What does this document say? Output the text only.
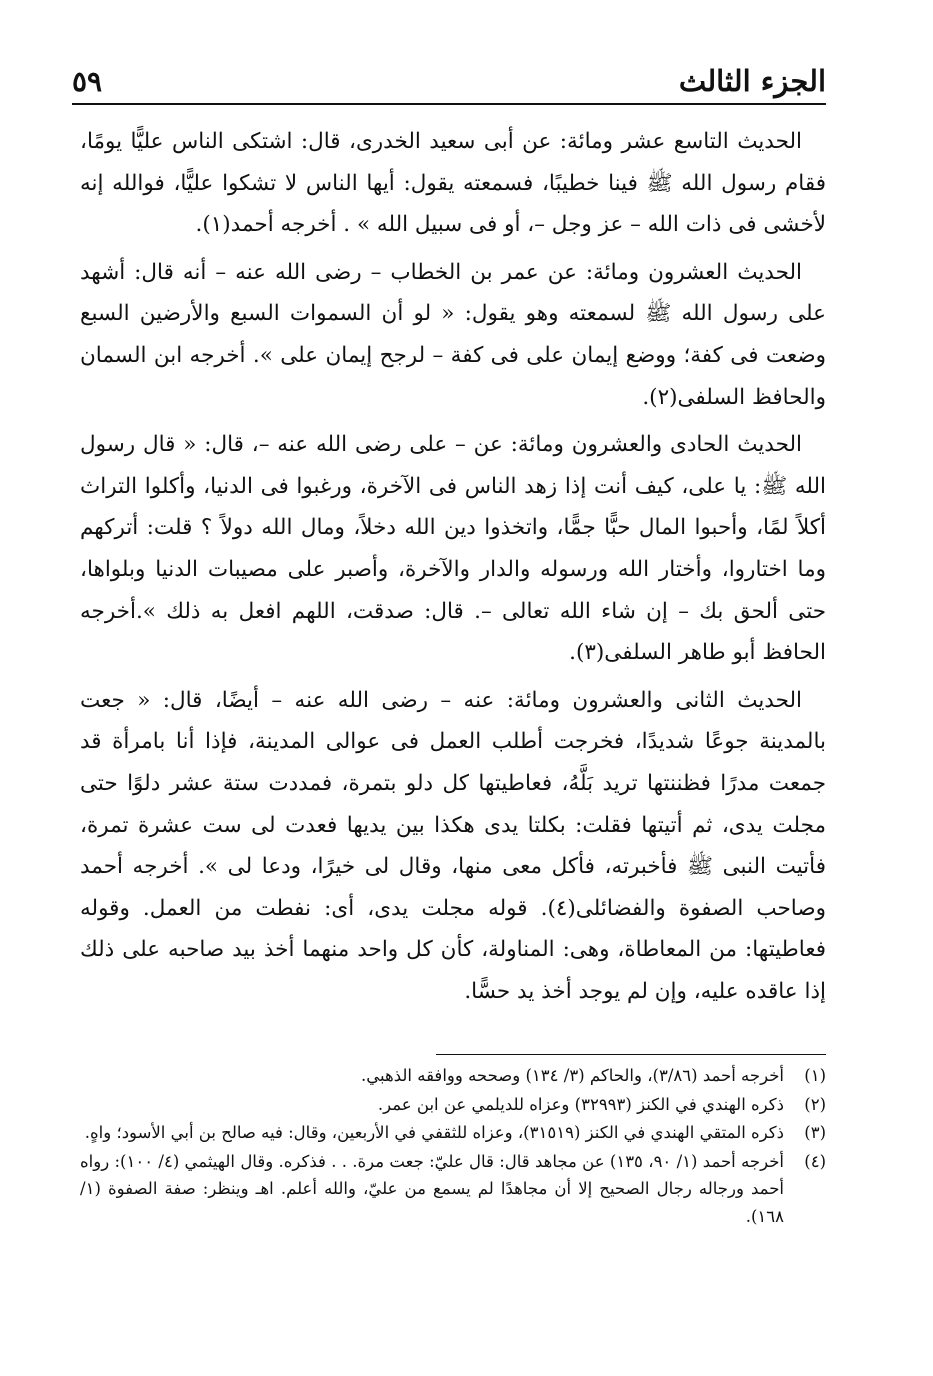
٥٩	الجزء الثالث

الحديث التاسع عشر ومائة: عن أبى سعيد الخدرى، قال: اشتكى الناس عليًّا يومًا، فقام رسول الله ﷺ فينا خطيبًا، فسمعته يقول: أيها الناس لا تشكوا عليًّا، فوالله إنه لأخشى فى ذات الله – عز وجل –، أو فى سبيل الله » . أخرجه أحمد(١).

الحديث العشرون ومائة: عن عمر بن الخطاب – رضى الله عنه – أنه قال: أشهد على رسول الله ﷺ لسمعته وهو يقول: « لو أن السموات السبع والأرضين السبع وضعت فى كفة؛ ووضع إيمان على فى كفة – لرجح إيمان على ». أخرجه ابن السمان والحافظ السلفى(٢).

الحديث الحادى والعشرون ومائة: عن – على رضى الله عنه –، قال: « قال رسول الله ﷺ: يا على، كيف أنت إذا زهد الناس فى الآخرة، ورغبوا فى الدنيا، وأكلوا التراث أكلاً لمًا، وأحبوا المال حبًّا جمًّا، واتخذوا دين الله دخلاً، ومال الله دولاً ؟ قلت: أتركهم وما اختاروا، وأختار الله ورسوله والدار والآخرة، وأصبر على مصيبات الدنيا وبلواها، حتى ألحق بك – إن شاء الله تعالى –. قال: صدقت، اللهم افعل به ذلك ».أخرجه الحافظ أبو طاهر السلفى(٣).

الحديث الثانى والعشرون ومائة: عنه – رضى الله عنه – أيضًا، قال: « جعت بالمدينة جوعًا شديدًا، فخرجت أطلب العمل فى عوالى المدينة، فإذا أنا بامرأة قد جمعت مدرًا فظننتها تريد بَلَّهُ، فعاطيتها كل دلو بتمرة، فمددت ستة عشر دلوًا حتى مجلت يدى، ثم أتيتها فقلت: بكلتا يدى هكذا بين يديها فعدت لى ست عشرة تمرة، فأتيت النبى ﷺ فأخبرته، فأكل معى منها، وقال لى خيرًا، ودعا لى ». أخرجه أحمد وصاحب الصفوة والفضائلى(٤). قوله مجلت يدى، أى: نفطت من العمل. وقوله فعاطيتها: من المعاطاة، وهى: المناولة، كأن كل واحد منهما أخذ بيد صاحبه على ذلك إذا عاقده عليه، وإن لم يوجد أخذ يد حسًّا.

(١)
أخرجه أحمد (٣/٨٦)، والحاكم (٣/ ١٣٤) وصححه ووافقه الذهبي.
(٢)
ذكره الهندي في الكنز (٣٢٩٩٣) وعزاه للديلمي عن ابن عمر.
(٣)
ذكره المتقي الهندي في الكنز (٣١٥١٩)، وعزاه للثقفي في الأربعين، وقال: فيه صالح بن أبي الأسود؛ واهٍ.
(٤)
أخرجه أحمد (١/ ٩٠، ١٣٥) عن مجاهد قال: قال عليّ: جعت مرة. . . فذكره. وقال الهيثمي (٤/ ١٠٠): رواه أحمد ورجاله رجال الصحيح إلا أن مجاهدًا لم يسمع من عليّ، والله أعلم. اهـ وينظر: صفة الصفوة (١/ ١٦٨).
